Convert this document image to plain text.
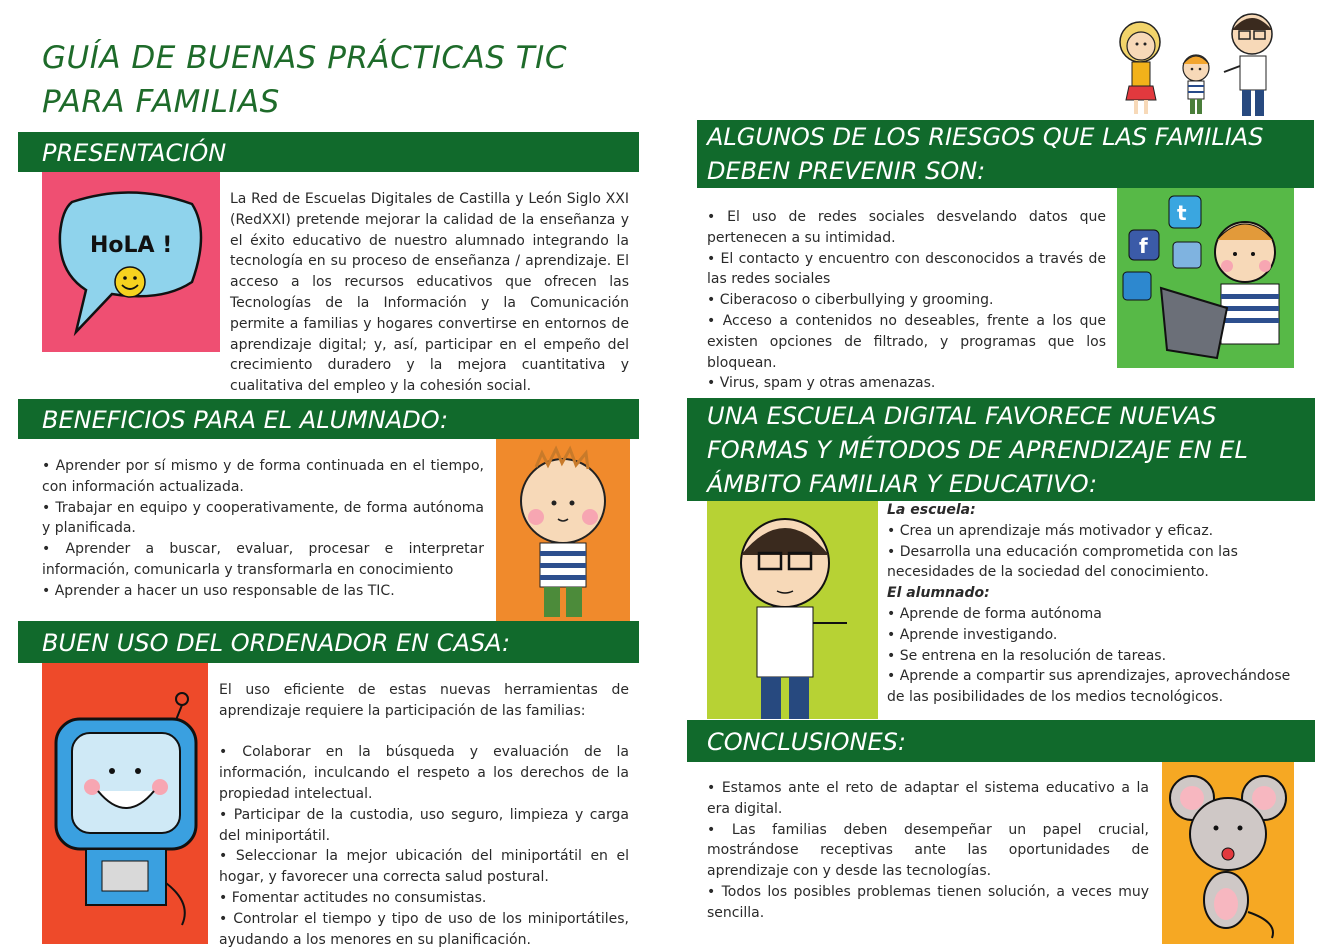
GUÍA DE BUENAS PRÁCTICAS TIC
PARA FAMILIAS
PRESENTACIÓN
HoLA !

La Red de Escuelas Digitales de Castilla y León Siglo XXI (RedXXI) pretende mejorar la calidad de la enseñanza y el éxito educativo de nuestro alumnado integrando la tecnología en su proceso de enseñanza / aprendizaje. El acceso a los recursos educativos que ofrecen las Tecnologías de la Información y la Comunicación permite a familias y hogares convertirse en entornos de aprendizaje digital; y, así, participar en el empeño del crecimiento duradero y la mejora cuantitativa y cualitativa del empleo y la cohesión social.

BENEFICIOS PARA EL ALUMNADO:

• Aprender por sí mismo y de forma continuada en el tiempo, con información actualizada.

• Trabajar en equipo y cooperativamente, de forma autónoma y planificada.

• Aprender a buscar, evaluar, procesar e interpretar información, comunicarla y transformarla en conocimiento

• Aprender a hacer un uso responsable de las TIC.

BUEN USO DEL ORDENADOR EN CASA:

El uso eficiente de estas nuevas herramientas de aprendizaje requiere la participación de las familias:

• Colaborar en la búsqueda y evaluación de la información, inculcando el respeto a los derechos de la propiedad intelectual.

• Participar de la custodia, uso seguro, limpieza y carga del miniportátil.

• Seleccionar la mejor ubicación del miniportátil en el hogar, y favorecer una correcta salud postural.

• Fomentar actitudes no consumistas.

• Controlar el tiempo y tipo de uso de los miniportátiles, ayudando a los menores en su planificación.

ALGUNOS DE LOS RIESGOS QUE LAS FAMILIAS
DEBEN PREVENIR SON:

• El uso de redes sociales desvelando datos que pertenecen a su intimidad.

• El contacto y encuentro con desconocidos a través de las redes sociales

• Ciberacoso o ciberbullying y grooming.

• Acceso a contenidos no deseables, frente a los que existen opciones de filtrado, y programas que los bloquean.

• Virus, spam y otras amenazas.

t
f
UNA ESCUELA DIGITAL FAVORECE NUEVAS
FORMAS Y MÉTODOS DE APRENDIZAJE EN EL
ÁMBITO FAMILIAR Y EDUCATIVO:

La escuela:

• Crea un aprendizaje más motivador y eficaz.

• Desarrolla una educación comprometida con las necesidades de la sociedad del conocimiento.

El alumnado:

• Aprende de forma autónoma

• Aprende investigando.

• Se entrena en la resolución de tareas.

• Aprende a compartir sus aprendizajes, aprovechándose de las posibilidades de los medios tecnológicos.

CONCLUSIONES:

• Estamos ante el reto de adaptar el sistema educativo a la era digital.

• Las familias deben desempeñar un papel crucial, mostrándose receptivas ante las oportunidades de aprendizaje con y desde las tecnologías.

• Todos los posibles problemas tienen solución, a veces muy sencilla.
